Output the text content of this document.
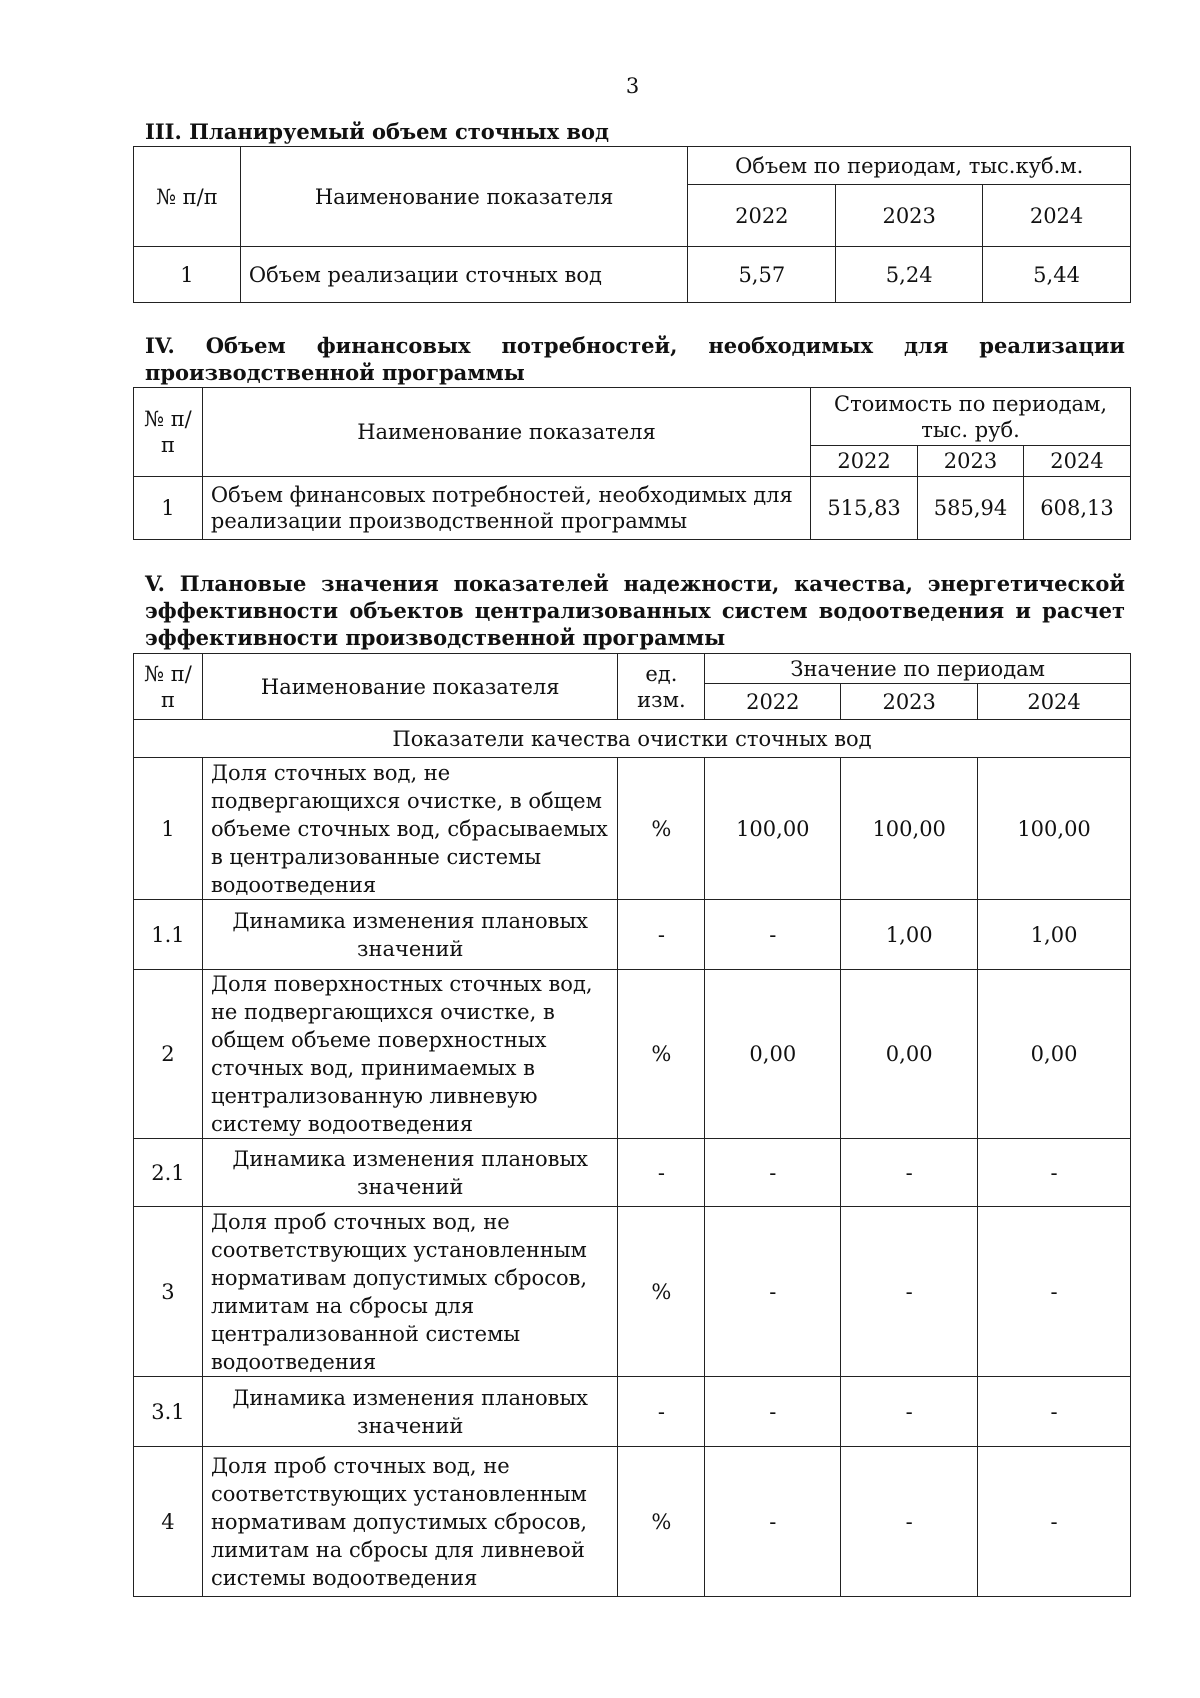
3
III. Планируемый объем сточных вод
№ п/п	Наименование показателя	Объем по периодам, тыс.куб.м.		
		2022	2023	2024
1	Объем реализации сточных вод	5,57	5,24	5,44
IV. Объем финансовых потребностей, необходимых для реализации производственной программы
№ п/п	Наименование показателя	Стоимость по периодам, тыс. руб.		
		2022	2023	2024
1	Объем финансовых потребностей, необходимых для реализации производственной программы	515,83	585,94	608,13
V. Плановые значения показателей надежности, качества, энергетической эффективности объектов централизованных систем водоотведения и расчет эффективности производственной программы
№ п/п	Наименование показателя	ед. изм.	Значение по периодам		
			2022	2023	2024
Показатели качества очистки сточных вод					
1	Доля сточных вод, не подвергающихся очистке, в общем объеме сточных вод, сбрасываемых в централизованные системы водоотведения	%	100,00	100,00	100,00
1.1	Динамика изменения плановых значений	-	-	1,00	1,00
2	Доля поверхностных сточных вод, не подвергающихся очистке, в общем объеме поверхностных сточных вод, принимаемых в централизованную ливневую систему водоотведения	%	0,00	0,00	0,00
2.1	Динамика изменения плановых значений	-	-	-	-
3	Доля проб сточных вод, не соответствующих установленным нормативам допустимых сбросов, лимитам на сбросы для централизованной системы водоотведения	%	-	-	-
3.1	Динамика изменения плановых значений	-	-	-	-
4	Доля проб сточных вод, не соответствующих установленным нормативам допустимых сбросов, лимитам на сбросы для ливневой системы водоотведения	%	-	-	-
